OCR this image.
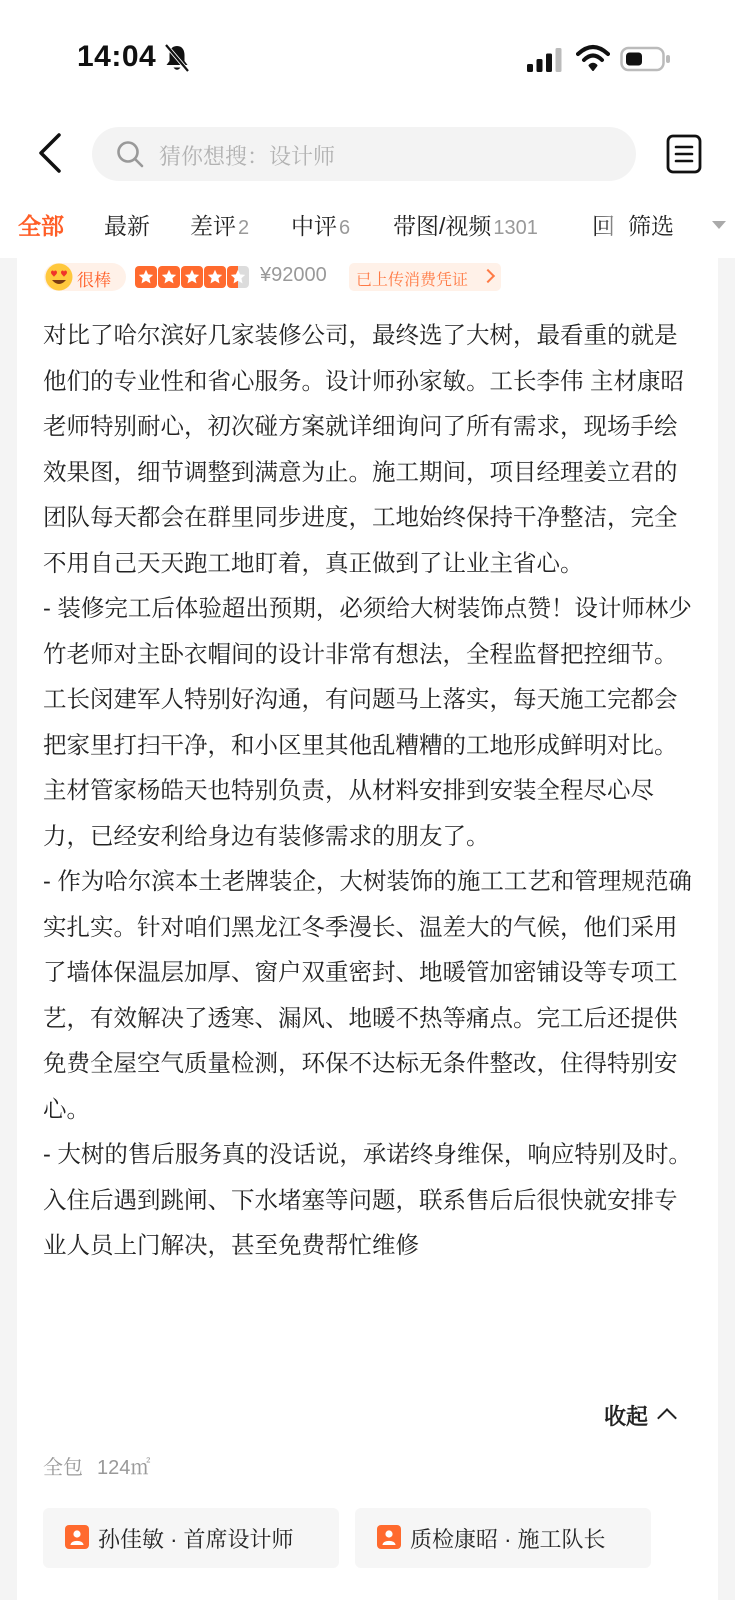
14:04
猜你想搜：设计师
全部 最新 差评 2 中评 6 带图/视频 1301 回 筛选
很棒	¥92000 已上传消费凭证

对比了哈尔滨好几家装修公司，最终选了大树，最看重的就是他们的专业性和省心服务。设计师孙家敏。工长李伟 主材康昭老师特别耐心，初次碰方案就详细询问了所有需求，现场手绘效果图，细节调整到满意为止。施工期间，项目经理姜立君的团队每天都会在群里同步进度，工地始终保持干净整洁，完全不用自己天天跑工地盯着，真正做到了让业主省心。

- 装修完工后体验超出预期，必须给大树装饰点赞！设计师林少竹老师对主卧衣帽间的设计非常有想法，全程监督把控细节。工长闵建军人特别好沟通，有问题马上落实，每天施工完都会把家里打扫干净，和小区里其他乱糟糟的工地形成鲜明对比。主材管家杨皓天也特别负责，从材料安排到安装全程尽心尽力，已经安利给身边有装修需求的朋友了。

- 作为哈尔滨本土老牌装企，大树装饰的施工工艺和管理规范确实扎实。针对咱们黑龙江冬季漫长、温差大的气候，他们采用了墙体保温层加厚、窗户双重密封、地暖管加密铺设等专项工艺，有效解决了透寒、漏风、地暖不热等痛点。完工后还提供免费全屋空气质量检测，环保不达标无条件整改，住得特别安心。

- 大树的售后服务真的没话说，承诺终身维保，响应特别及时。入住后遇到跳闸、下水堵塞等问题，联系售后后很快就安排专业人员上门解决，甚至免费帮忙维修

收起
全包 124㎡
孙佳敏 · 首席设计师	质检康昭 · 施工队长
